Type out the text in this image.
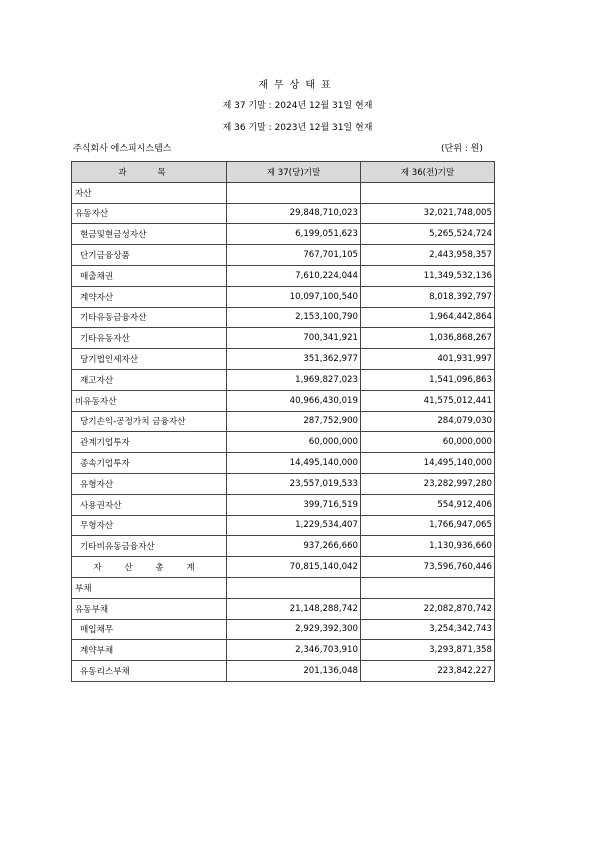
재무상태표
제 37 기말 : 2024년 12월 31일 현재
제 36 기말 : 2023년 12월 31일 현재
주식회사 에스피시스템스	(단위 : 원)
과 목	제 37(당)기말	제 36(전)기말
자산		
유동자산	29,848,710,023	32,021,748,005
현금및현금성자산	6,199,051,623	5,265,524,724
단기금융상품	767,701,105	2,443,958,357
매출채권	7,610,224,044	11,349,532,136
계약자산	10,097,100,540	8,018,392,797
기타유동금융자산	2,153,100,790	1,964,442,864
기타유동자산	700,341,921	1,036,868,267
당기법인세자산	351,362,977	401,931,997
재고자산	1,969,827,023	1,541,096,863
비유동자산	40,966,430,019	41,575,012,441
당기손익-공정가치 금융자산	287,752,900	284,079,030
관계기업투자	60,000,000	60,000,000
종속기업투자	14,495,140,000	14,495,140,000
유형자산	23,557,019,533	23,282,997,280
사용권자산	399,716,519	554,912,406
무형자산	1,229,534,407	1,766,947,065
기타비유동금융자산	937,266,660	1,130,936,660
자 산 총 계	70,815,140,042	73,596,760,446
부채		
유동부채	21,148,288,742	22,082,870,742
매입채무	2,929,392,300	3,254,342,743
계약부채	2,346,703,910	3,293,871,358
유동리스부채	201,136,048	223,842,227
